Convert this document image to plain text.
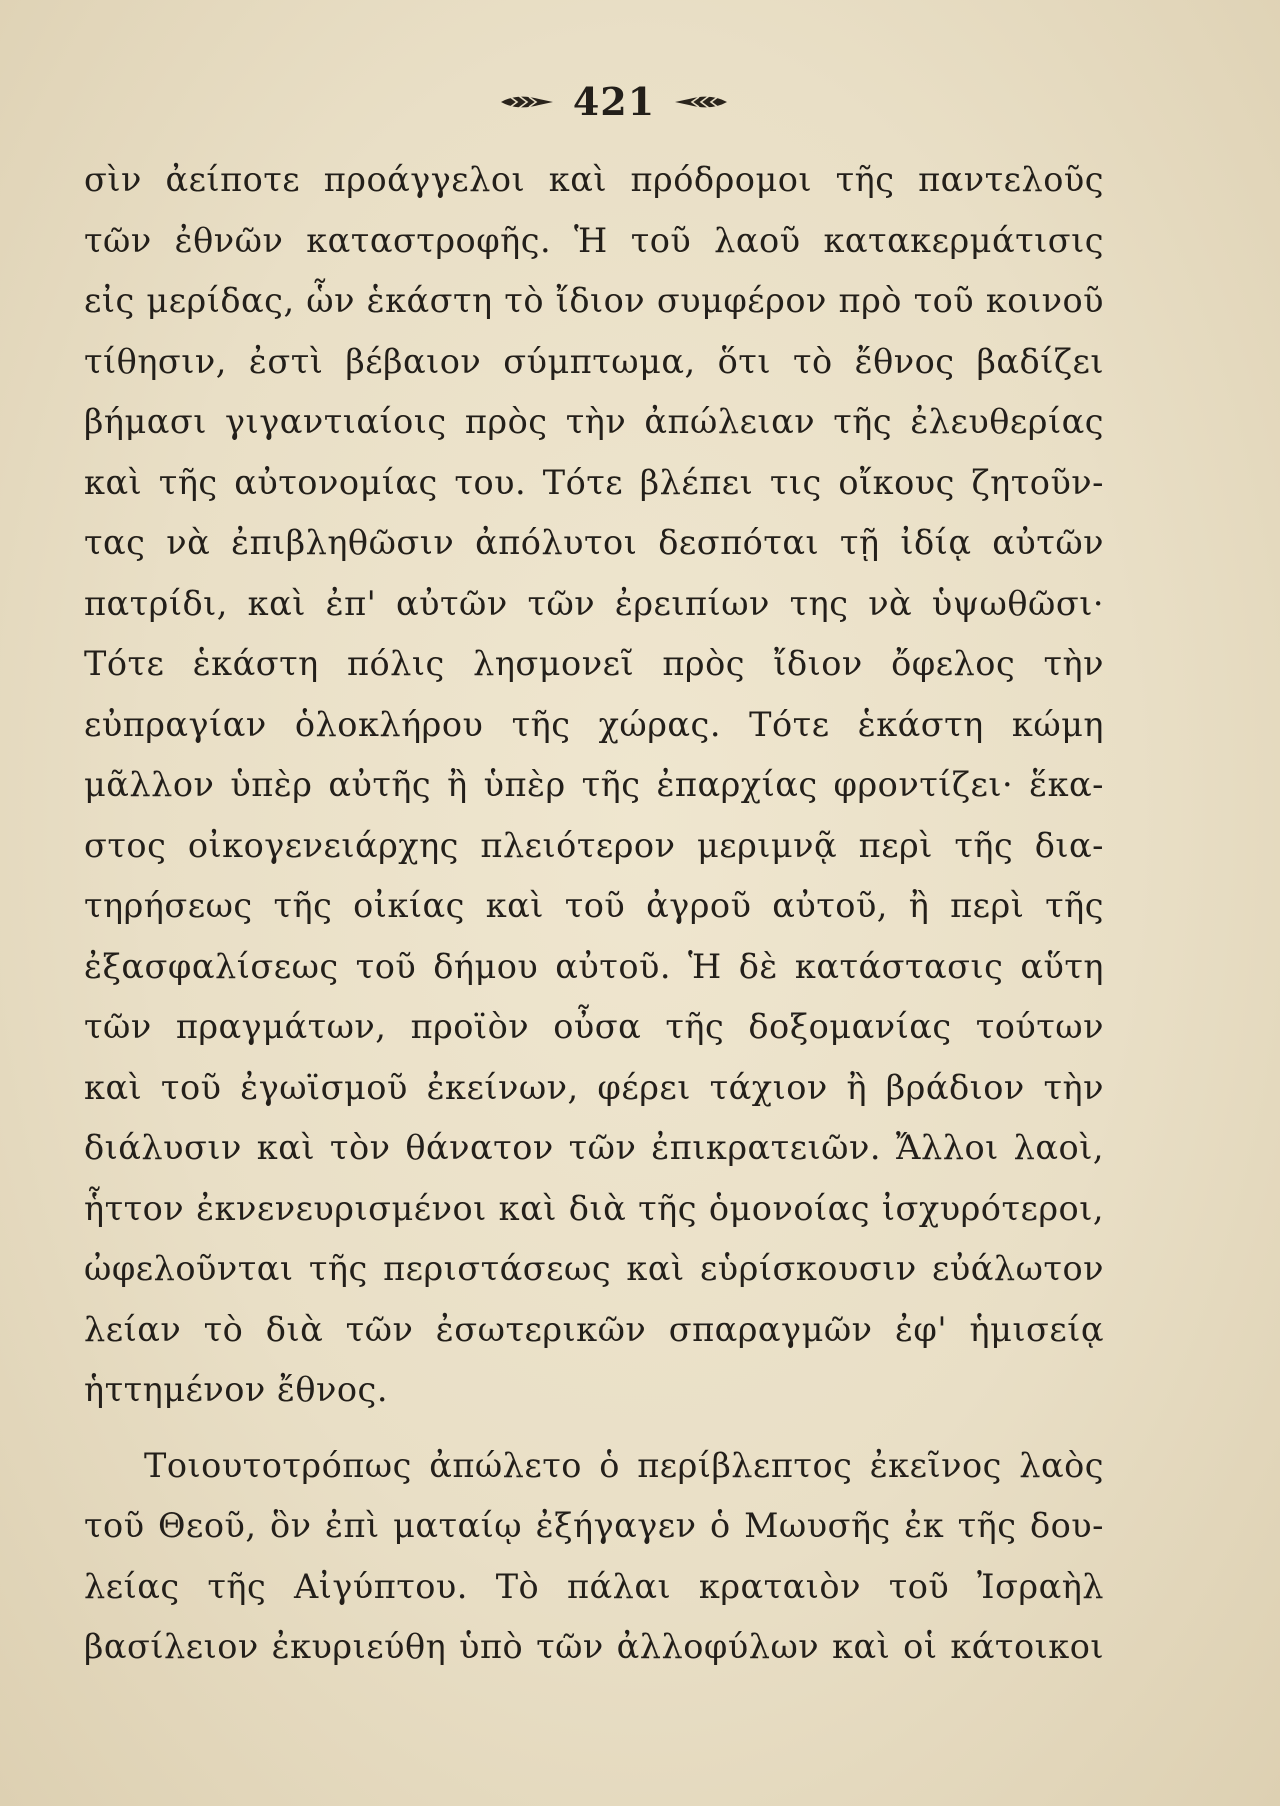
421
σὶν ἀείποτε προάγγελοι καὶ πρόδρομοι τῆς παντελοῦς
τῶν ἐθνῶν καταστροφῆς. Ἡ τοῦ λαοῦ κατακερμάτισις
εἰς μερίδας, ὧν ἑκάστη τὸ ἴδιον συμφέρον πρὸ τοῦ κοινοῦ
τίθησιν, ἐστὶ βέβαιον σύμπτωμα, ὅτι τὸ ἔθνος βαδίζει
βήμασι γιγαντιαίοις πρὸς τὴν ἀπώλειαν τῆς ἐλευθερίας
καὶ τῆς αὐτονομίας του. Τότε βλέπει τις οἴκους ζητοῦν-
τας νὰ ἐπιβληθῶσιν ἀπόλυτοι δεσπόται τῇ ἰδίᾳ αὐτῶν
πατρίδι, καὶ ἐπ' αὐτῶν τῶν ἐρειπίων της νὰ ὑψωθῶσι·
Τότε ἑκάστη πόλις λησμονεῖ πρὸς ἴδιον ὄφελος τὴν
εὐπραγίαν ὁλοκλήρου τῆς χώρας. Τότε ἑκάστη κώμη
μᾶλλον ὑπὲρ αὐτῆς ἢ ὑπὲρ τῆς ἐπαρχίας φροντίζει· ἕκα-
στος οἰκογενειάρχης πλειότερον μεριμνᾷ περὶ τῆς δια-
τηρήσεως τῆς οἰκίας καὶ τοῦ ἀγροῦ αὐτοῦ, ἢ περὶ τῆς
ἐξασφαλίσεως τοῦ δήμου αὐτοῦ. Ἡ δὲ κατάστασις αὕτη
τῶν πραγμάτων, προϊὸν οὖσα τῆς δοξομανίας τούτων
καὶ τοῦ ἐγωϊσμοῦ ἐκείνων, φέρει τάχιον ἢ βράδιον τὴν
διάλυσιν καὶ τὸν θάνατον τῶν ἐπικρατειῶν. Ἄλλοι λαοὶ,
ἧττον ἐκνενευρισμένοι καὶ διὰ τῆς ὁμονοίας ἰσχυρότεροι,
ὠφελοῦνται τῆς περιστάσεως καὶ εὑρίσκουσιν εὐάλωτον
λείαν τὸ διὰ τῶν ἐσωτερικῶν σπαραγμῶν ἐφ' ἡμισείᾳ
ἡττημένον ἔθνος.
Τοιουτοτρόπως ἀπώλετο ὁ περίβλεπτος ἐκεῖνος λαὸς
τοῦ Θεοῦ, ὃν ἐπὶ ματαίῳ ἐξήγαγεν ὁ Μωυσῆς ἐκ τῆς δου-
λείας τῆς Αἰγύπτου. Τὸ πάλαι κραταιὸν τοῦ Ἰσραὴλ
βασίλειον ἐκυριεύθη ὑπὸ τῶν ἀλλοφύλων καὶ οἱ κάτοικοι
